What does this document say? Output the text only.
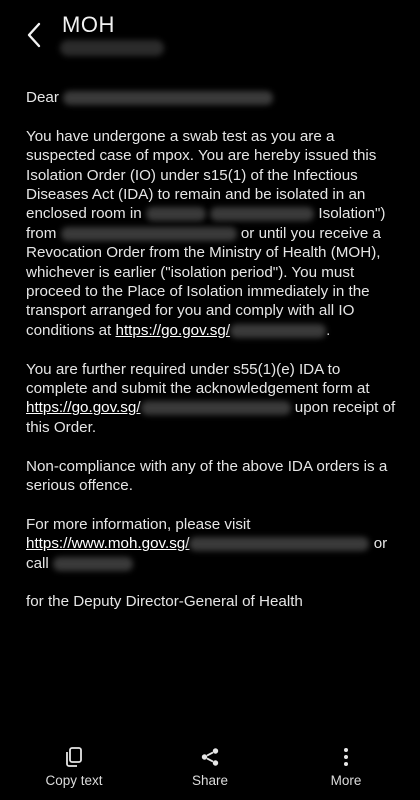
MOH

Dear

You have undergone a swab test as you are a suspected case of mpox. You are hereby issued this Isolation Order (IO) under s15(1) of the Infectious Diseases Act (IDA) to remain and be isolated in an enclosed room in	Isolation") from	or until you receive a Revocation Order from the Ministry of Health (MOH), whichever is earlier ("isolation period"). You must proceed to the Place of Isolation immediately in the transport arranged for you and comply with all IO conditions at https://go.gov.sg/	.

You are further required under s55(1)(e) IDA to complete and submit the acknowledgement form at https://go.gov.sg/	upon receipt of this Order.

Non-compliance with any of the above IDA orders is a serious offence.

For more information, please visit https://www.moh.gov.sg/	or call

for the Deputy Director-General of Health

Copy text	Share	More
